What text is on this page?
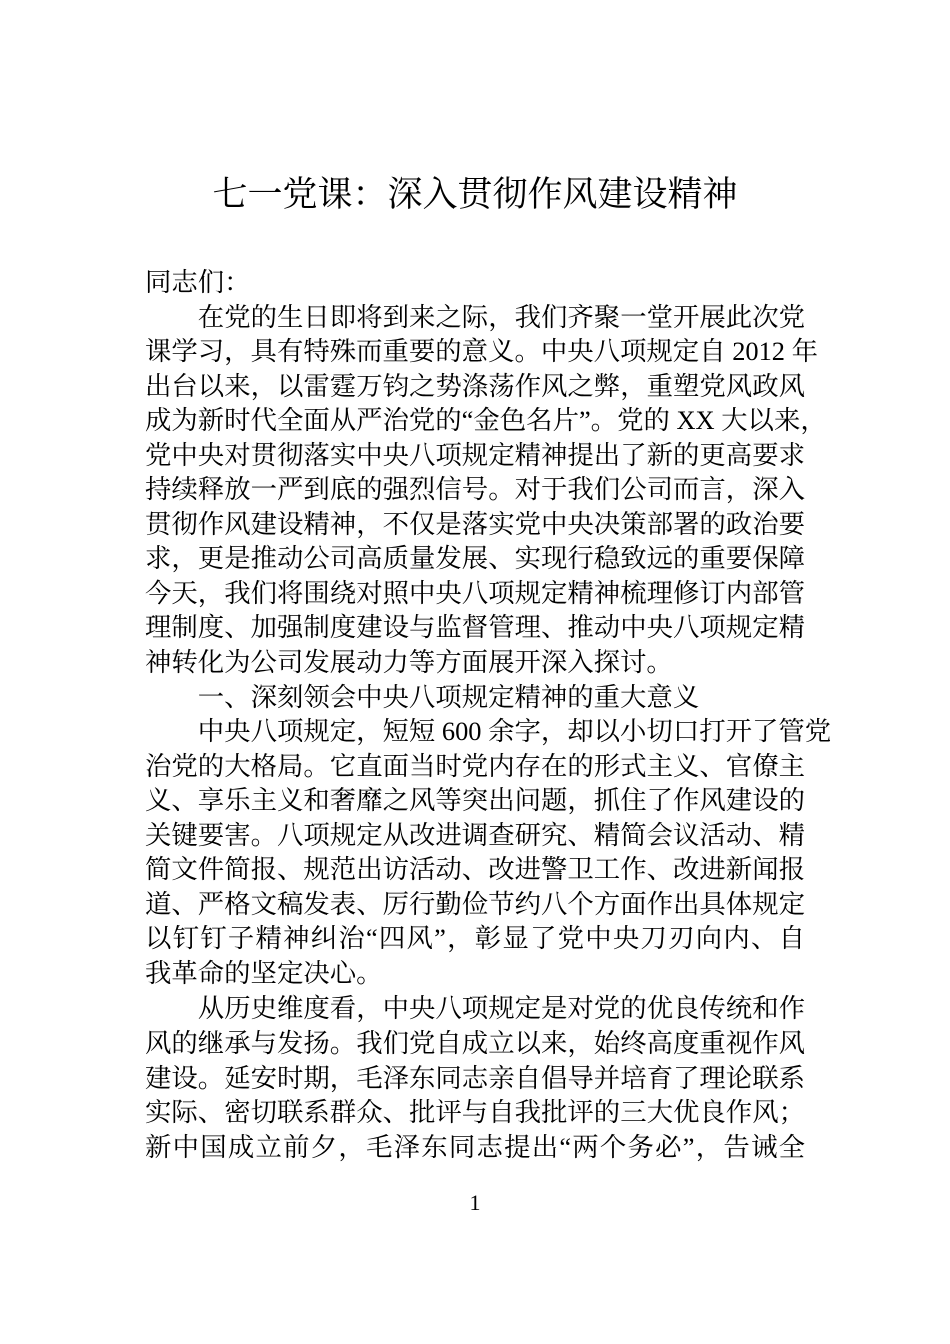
七一党课：深入贯彻作风建设精神
同志们：
在党的生日即将到来之际，我们齐聚一堂开展此次党
课学习，具有特殊而重要的意义。中央八项规定自 2012 年
出台以来，以雷霆万钧之势涤荡作风之弊，重塑党风政风
成为新时代全面从严治党的“金色名片”。党的 XX 大以来，
党中央对贯彻落实中央八项规定精神提出了新的更高要求
持续释放一严到底的强烈信号。对于我们公司而言，深入
贯彻作风建设精神，不仅是落实党中央决策部署的政治要
求，更是推动公司高质量发展、实现行稳致远的重要保障
今天，我们将围绕对照中央八项规定精神梳理修订内部管
理制度、加强制度建设与监督管理、推动中央八项规定精
神转化为公司发展动力等方面展开深入探讨。
一、深刻领会中央八项规定精神的重大意义
中央八项规定，短短 600 余字，却以小切口打开了管党
治党的大格局。它直面当时党内存在的形式主义、官僚主
义、享乐主义和奢靡之风等突出问题，抓住了作风建设的
关键要害。八项规定从改进调查研究、精简会议活动、精
简文件简报、规范出访活动、改进警卫工作、改进新闻报
道、严格文稿发表、厉行勤俭节约八个方面作出具体规定
以钉钉子精神纠治“四风”，彰显了党中央刀刃向内、自
我革命的坚定决心。
从历史维度看，中央八项规定是对党的优良传统和作
风的继承与发扬。我们党自成立以来，始终高度重视作风
建设。延安时期，毛泽东同志亲自倡导并培育了理论联系
实际、密切联系群众、批评与自我批评的三大优良作风；
新中国成立前夕，毛泽东同志提出“两个务必”，告诫全
1
